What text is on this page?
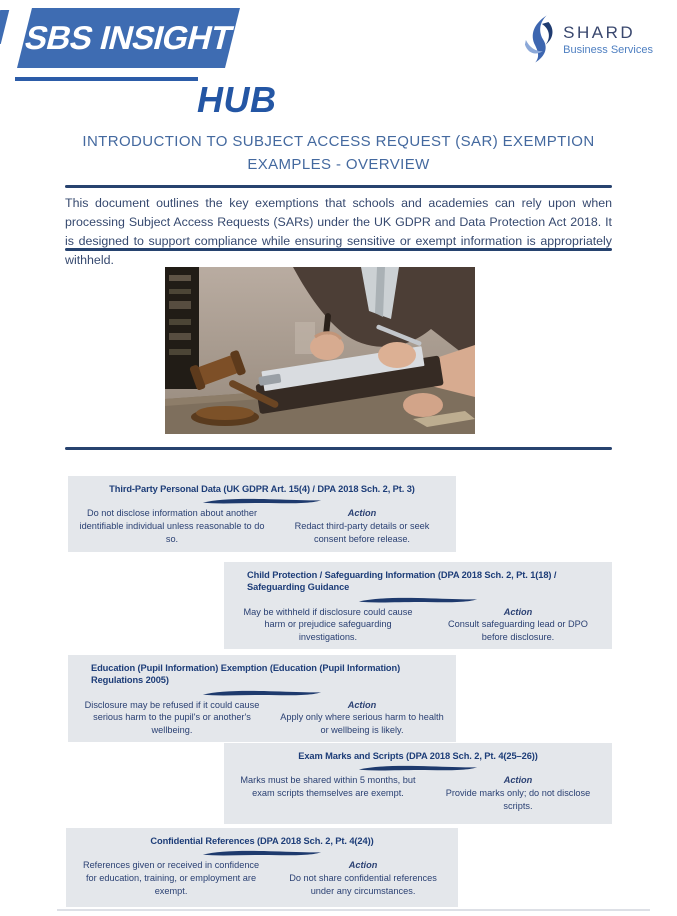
SBS INSIGHT
HUB
SHARD
Business Services
INTRODUCTION TO SUBJECT ACCESS REQUEST (SAR) EXEMPTION EXAMPLES - OVERVIEW

This document outlines the key exemptions that schools and academies can rely upon when processing Subject Access Requests (SARs) under the UK GDPR and Data Protection Act 2018. It is designed to support compliance while ensuring sensitive or exempt information is appropriately withheld.

Third-Party Personal Data (UK GDPR Art. 15(4) / DPA 2018 Sch. 2, Pt. 3)
Do not disclose information about another identifiable individual unless reasonable to do so.
Action
Redact third-party details or seek consent before release.
Child Protection / Safeguarding Information (DPA 2018 Sch. 2, Pt. 1(18) / Safeguarding Guidance
May be withheld if disclosure could cause harm or prejudice safeguarding investigations.
Action
Consult safeguarding lead or DPO before disclosure.
Education (Pupil Information) Exemption (Education (Pupil Information) Regulations 2005)
Disclosure may be refused if it could cause serious harm to the pupil's or another's wellbeing.
Action
Apply only where serious harm to health or wellbeing is likely.
Exam Marks and Scripts (DPA 2018 Sch. 2, Pt. 4(25–26))
Marks must be shared within 5 months, but exam scripts themselves are exempt.
Action
Provide marks only; do not disclose scripts.
Confidential References (DPA 2018 Sch. 2, Pt. 4(24))
References given or received in confidence for education, training, or employment are exempt.
Action
Do not share confidential references under any circumstances.
